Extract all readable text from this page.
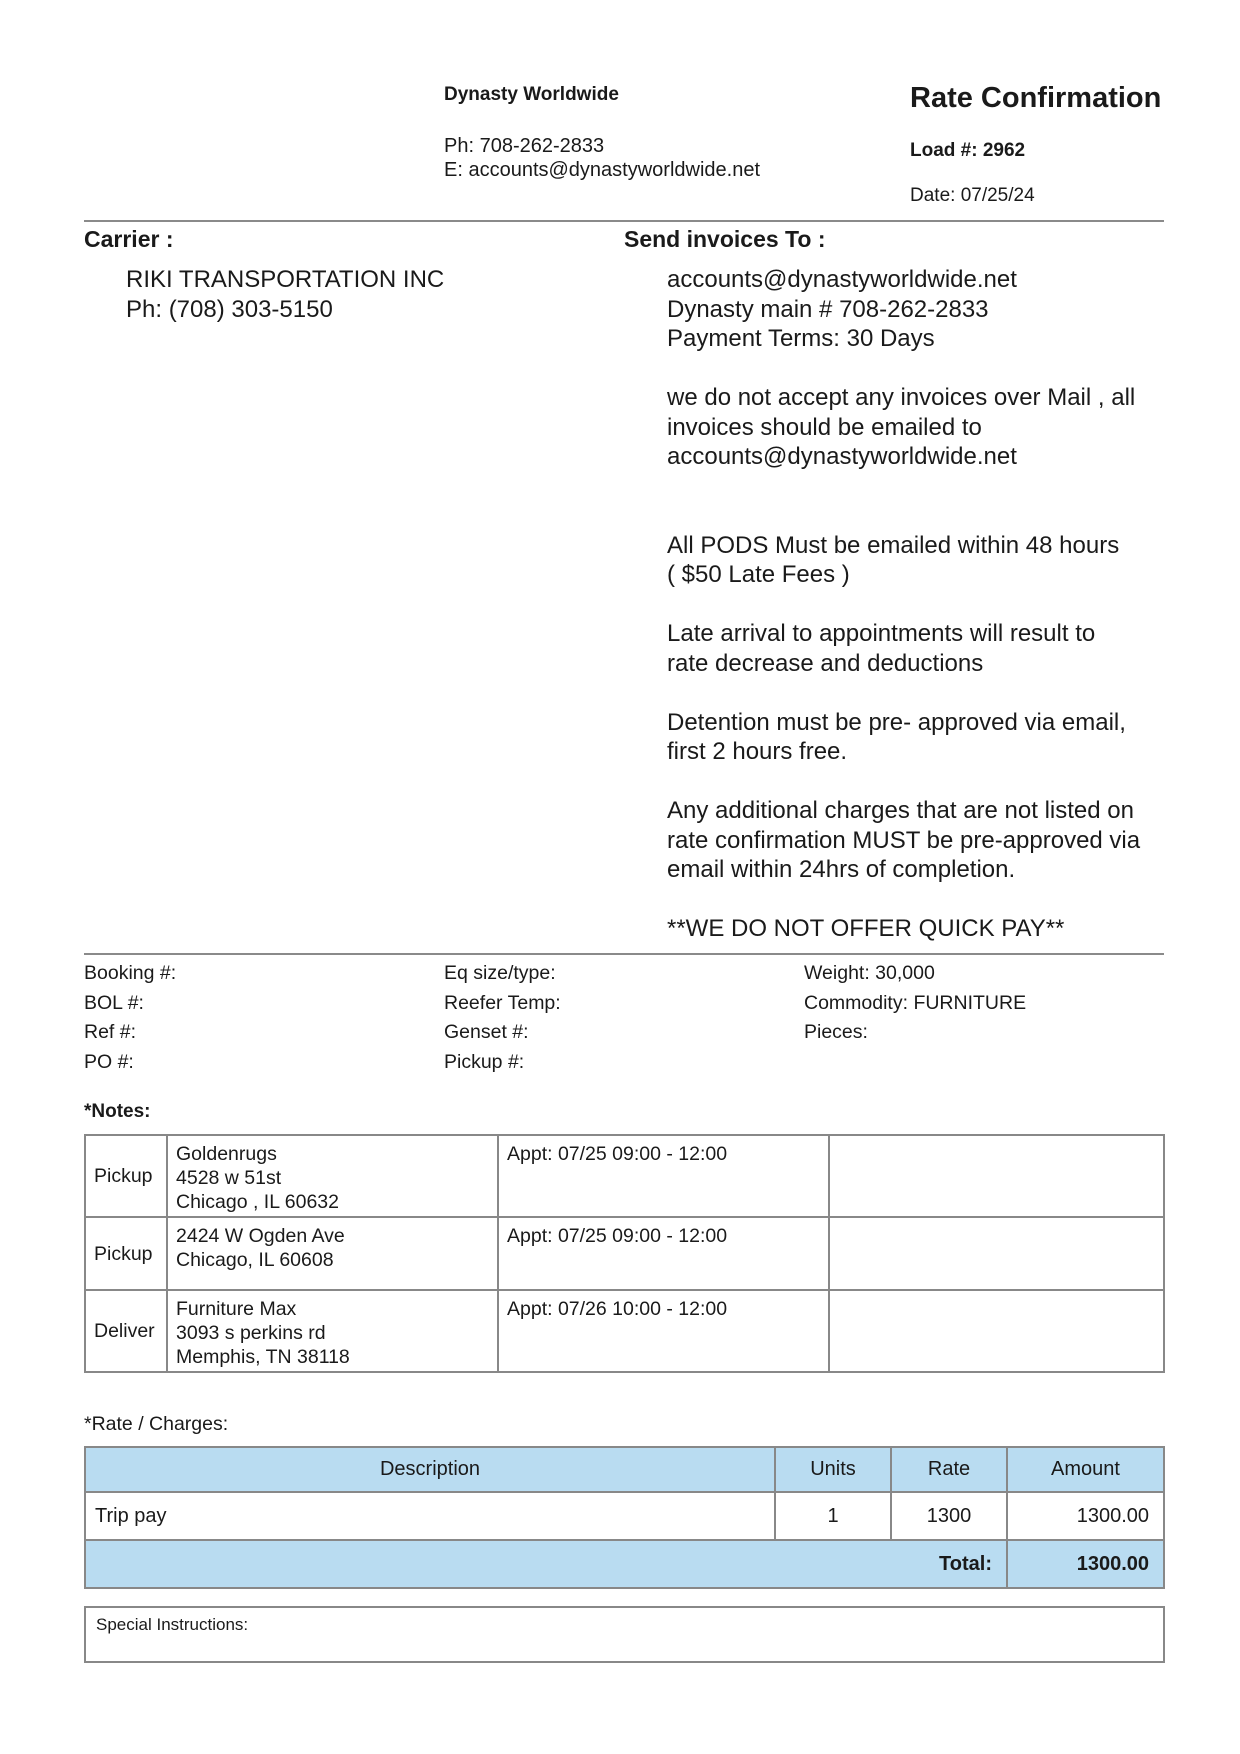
Dynasty Worldwide
Ph: 708-262-2833
E: accounts@dynastyworldwide.net
Rate Confirmation
Load #: 2962
Date: 07/25/24
Carrier :	Send invoices To :
RIKI TRANSPORTATION INC
Ph: (708) 303-5150

accounts@dynastyworldwide.net
Dynasty main # 708-262-2833
Payment Terms: 30 Days

we do not accept any invoices over Mail , all
invoices should be emailed to
accounts@dynastyworldwide.net

All PODS Must be emailed within 48 hours
( $50 Late Fees )

Late arrival to appointments will result to
rate decrease and deductions

Detention must be pre- approved via email,
first 2 hours free.

Any additional charges that are not listed on
rate confirmation MUST be pre-approved via
email within 24hrs of completion.

**WE DO NOT OFFER QUICK PAY**

Booking #:
BOL #:
Ref #:
PO #:
Eq size/type:
Reefer Temp:
Genset #:
Pickup #:
Weight: 30,000
Commodity: FURNITURE
Pieces:
*Notes:
Pickup	Goldenrugs
4528 w 51st
Chicago , IL 60632	Appt: 07/25 09:00 - 12:00	
Pickup	2424 W Ogden Ave
Chicago, IL 60608	Appt: 07/25 09:00 - 12:00	
Deliver	Furniture Max
3093 s perkins rd
Memphis, TN 38118	Appt: 07/26 10:00 - 12:00	
*Rate / Charges:
Description	Units	Rate	Amount
Trip pay	1	1300	1300.00
Total:			1300.00
Special Instructions:
